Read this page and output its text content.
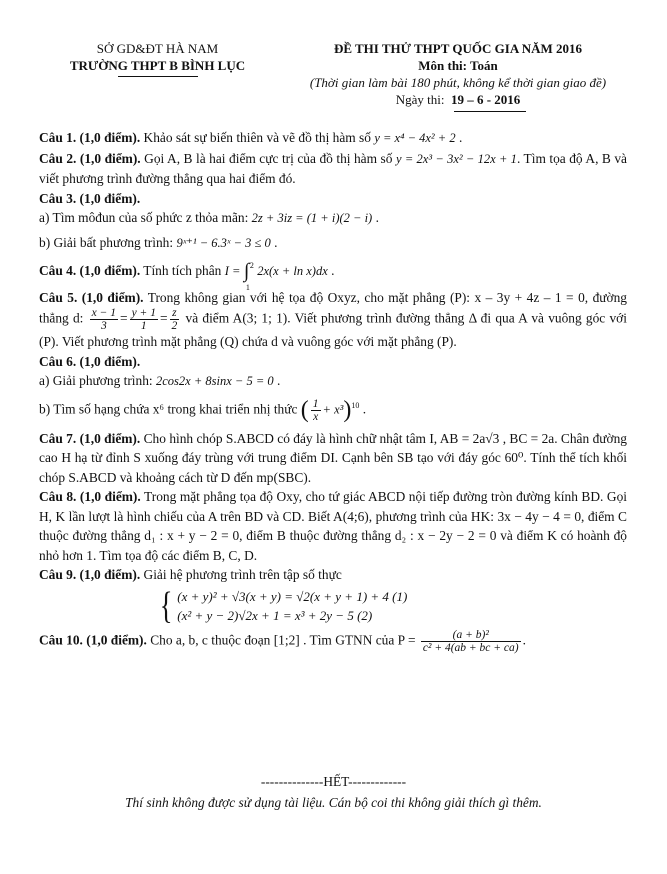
SỞ GD&ĐT HÀ NAM
TRƯỜNG THPT B BÌNH LỤC
ĐỀ THI THỬ THPT QUỐC GIA NĂM 2016
Môn thi: Toán
(Thời gian làm bài 180 phút, không kể thời gian giao đề)
Ngày thi: 19 – 6 - 2016

Câu 1. (1,0 điểm). Khảo sát sự biến thiên và vẽ đồ thị hàm số y = x⁴ − 4x² + 2 .

Câu 2. (1,0 điểm). Gọi A, B là hai điểm cực trị của đồ thị hàm số y = 2x³ − 3x² − 12x + 1. Tìm tọa độ A, B và viết phương trình đường thẳng qua hai điểm đó.

Câu 3. (1,0 điểm).

a) Tìm môđun của số phức z thỏa mãn: 2z + 3iz = (1 + i)(2 − i) .

b) Giải bất phương trình: 9ˣ⁺¹ − 6.3ˣ − 3 ≤ 0 .

Câu 4. (1,0 điểm). Tính tích phân I = ∫ 2
1
2x(x + ln x)dx .

Câu 5. (1,0 điểm). Trong không gian với hệ tọa độ Oxyz, cho mặt phẳng (P): x – 3y + 4z – 1 = 0, đường thẳng d: $\frac{x - 1}{3} = \frac{y + 1}{1} = \frac{z}{2}$ và điểm A(3; 1; 1). Viết phương trình đường thẳng Δ đi qua A và vuông góc với (P). Viết phương trình mặt phẳng (Q) chứa d và vuông góc với mặt phẳng (P).

Câu 6. (1,0 điểm).

a) Giải phương trình: 2cos2x + 8sinx − 5 = 0 .

b) Tìm số hạng chứa x⁶ trong khai triển nhị thức ( $\frac{1}{x} + x^3)^{10}$ .

Câu 7. (1,0 điểm). Cho hình chóp S.ABCD có đáy là hình chữ nhật tâm I, AB = 2a√3 , BC = 2a. Chân đường cao H hạ từ đỉnh S xuống đáy trùng với trung điểm DI. Cạnh bên SB tạo với đáy góc 60⁰. Tính thể tích khối chóp S.ABCD và khoảng cách từ D đến mp(SBC).

Câu 8. (1,0 điểm). Trong mặt phẳng tọa độ Oxy, cho tứ giác ABCD nội tiếp đường tròn đường kính BD. Gọi H, K lần lượt là hình chiếu của A trên BD và CD. Biết A(4;6), phương trình của HK: 3x − 4y − 4 = 0, điểm C thuộc đường thẳng d₁ : x + y − 2 = 0, điểm B thuộc đường thẳng d₂ : x − 2y − 2 = 0 và điểm K có hoành độ nhỏ hơn 1. Tìm tọa độ các điểm B, C, D.

Câu 9. (1,0 điểm). Giải hệ phương trình trên tập số thực

{ (x + y)² + √3(x + y) = √2(x + y + 1) + 4 (1)
(x² + y − 2)√2x + 1 = x³ + 2y − 5 (2)

Câu 10. (1,0 điểm). Cho a, b, c thuộc đoạn [1;2] . Tìm GTNN của $P = \frac{\text{(a + b)²}}{\text{c² + 4(ab + bc + ca)}}$ .

--------------HẾT-------------
Thí sinh không được sử dụng tài liệu. Cán bộ coi thi không giải thích gì thêm.
